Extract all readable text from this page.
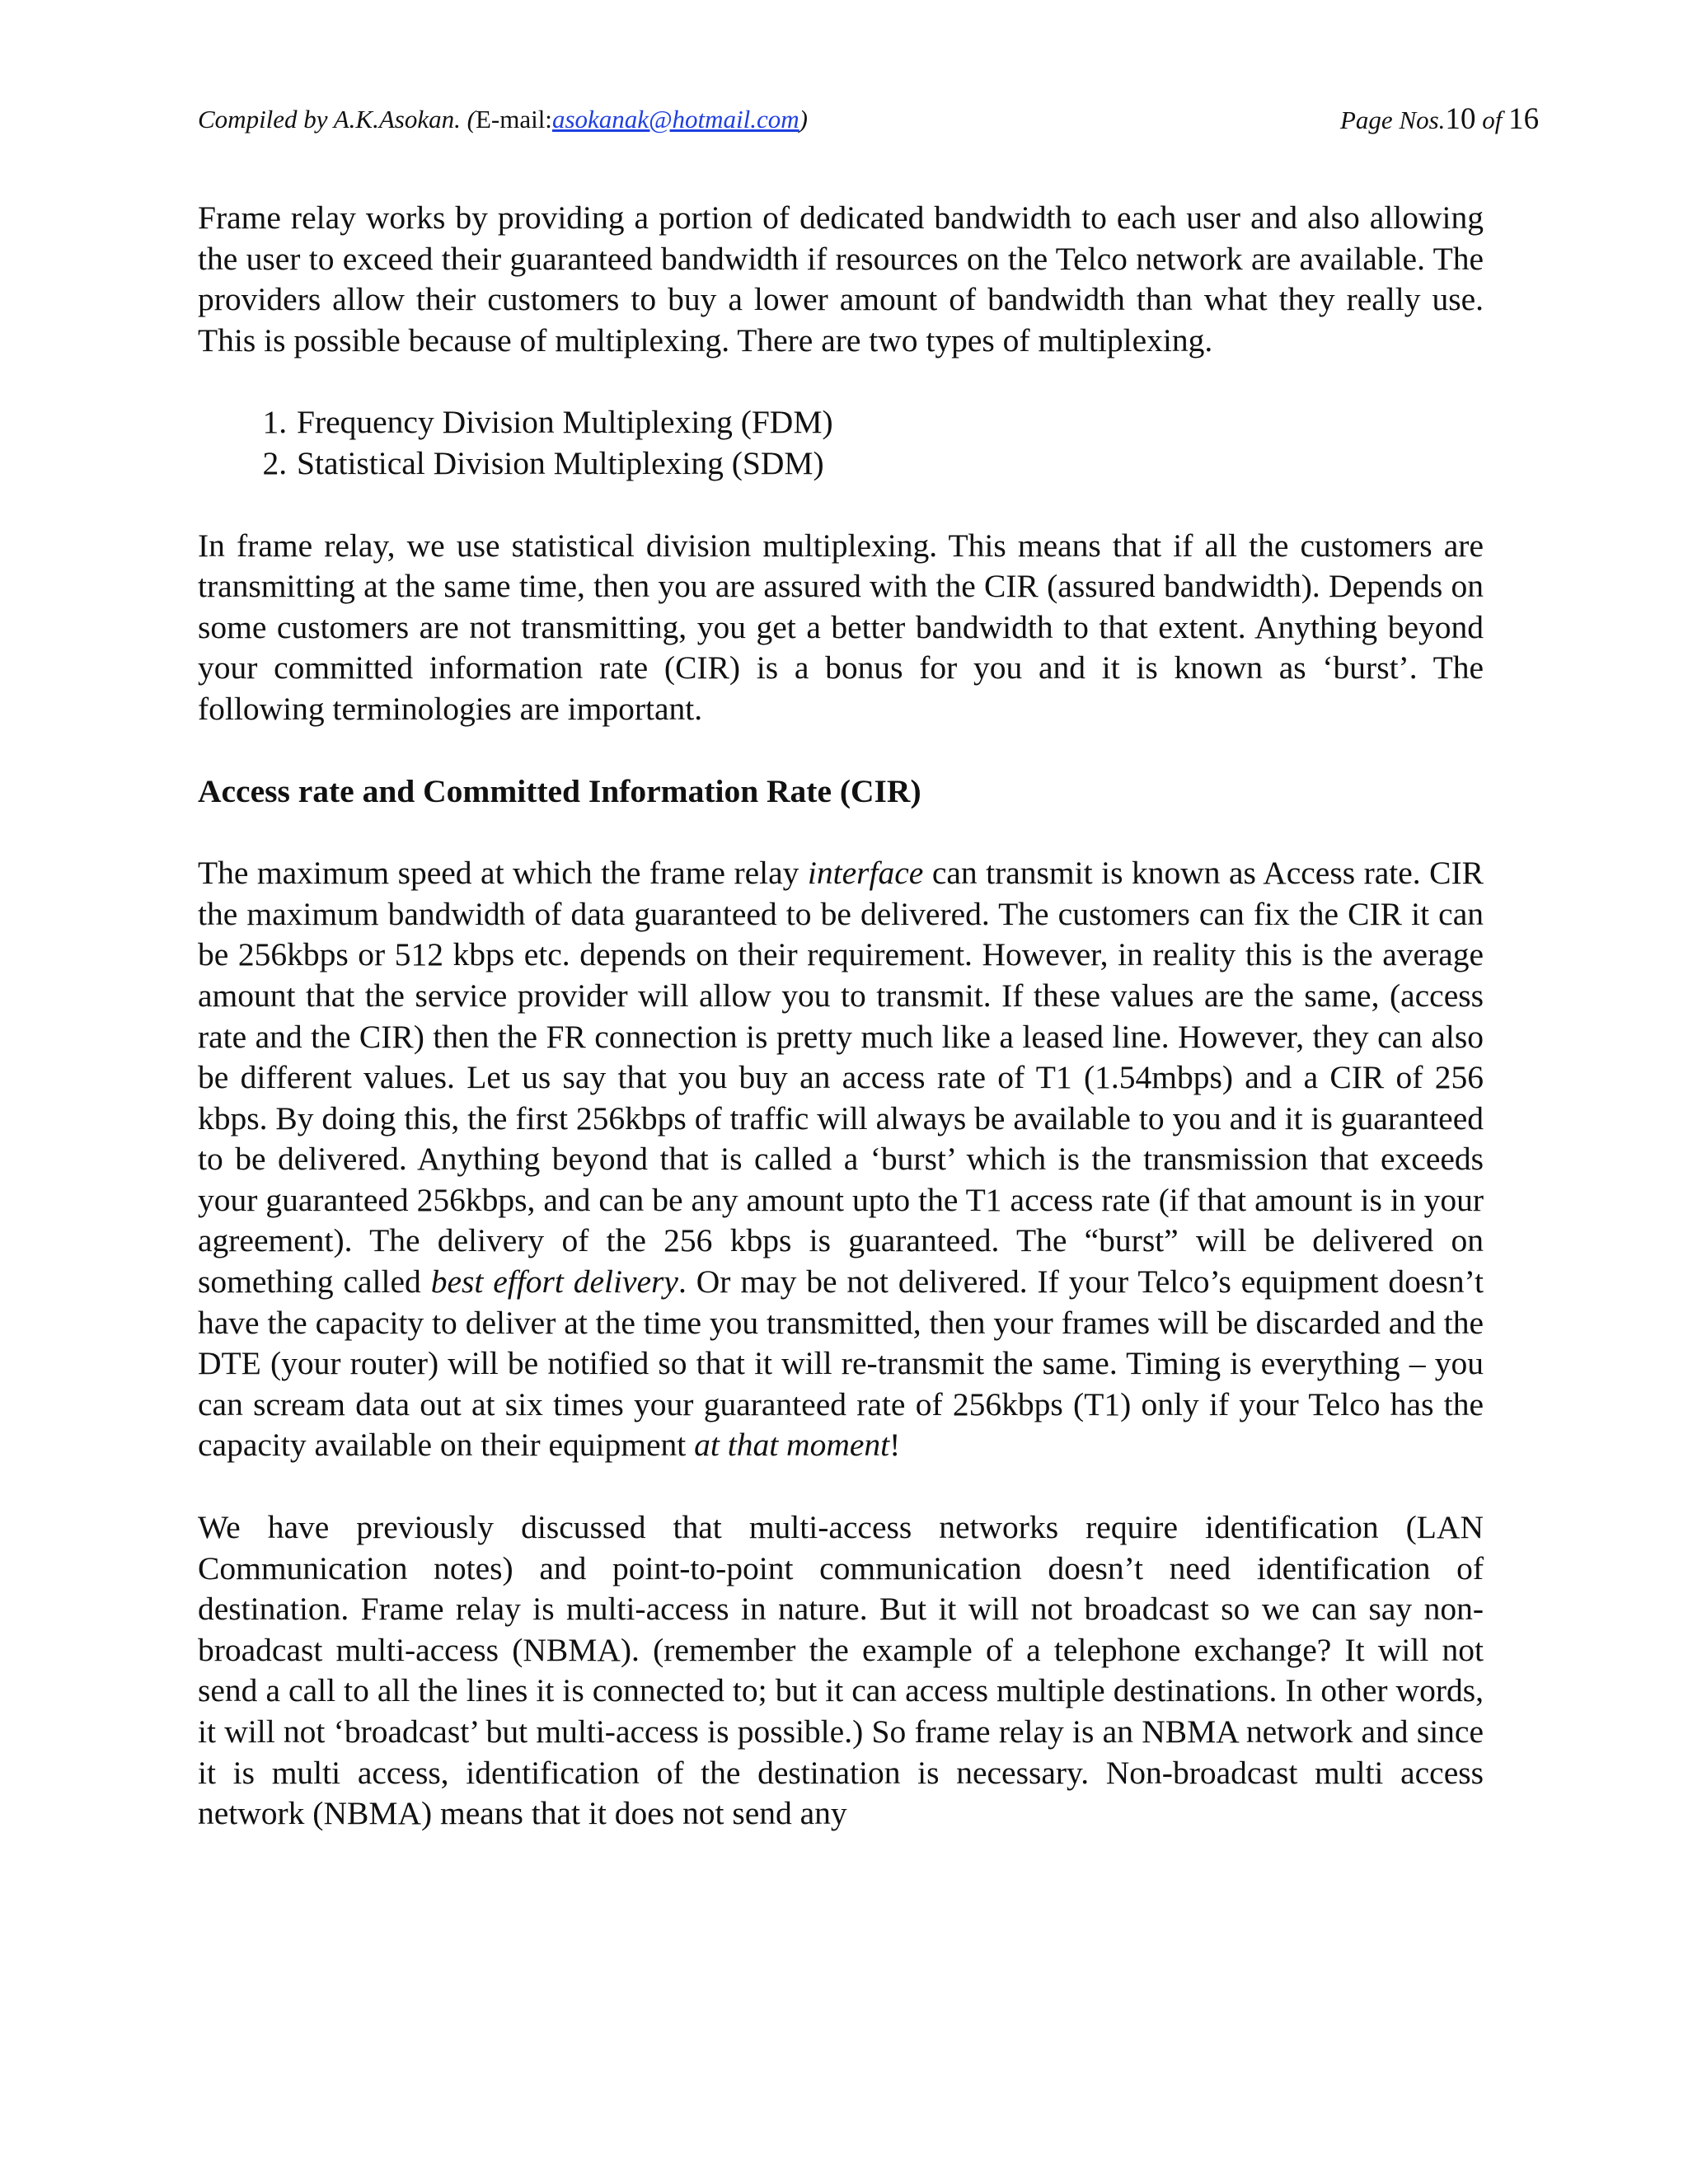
Compiled by A.K.Asokan. (E-mail:asokanak@hotmail.com)	Page Nos.10 of 16

Frame relay works by providing a portion of dedicated bandwidth to each user and also allowing the user to exceed their guaranteed bandwidth if resources on the Telco network are available. The providers allow their customers to buy a lower amount of bandwidth than what they really use. This is possible because of multiplexing. There are two types of multiplexing.

1. Frequency Division Multiplexing (FDM)
2. Statistical Division Multiplexing (SDM)

In frame relay, we use statistical division multiplexing. This means that if all the customers are transmitting at the same time, then you are assured with the CIR (assured bandwidth). Depends on some customers are not transmitting, you get a better bandwidth to that extent. Anything beyond your committed information rate (CIR) is a bonus for you and it is known as ‘burst’. The following terminologies are important.

Access rate and Committed Information Rate (CIR)

The maximum speed at which the frame relay interface can transmit is known as Access rate. CIR the maximum bandwidth of data guaranteed to be delivered. The customers can fix the CIR it can be 256kbps or 512 kbps etc. depends on their requirement. However, in reality this is the average amount that the service provider will allow you to transmit. If these values are the same, (access rate and the CIR) then the FR connection is pretty much like a leased line. However, they can also be different values. Let us say that you buy an access rate of T1 (1.54mbps) and a CIR of 256 kbps. By doing this, the first 256kbps of traffic will always be available to you and it is guaranteed to be delivered. Anything beyond that is called a ‘burst’ which is the transmission that exceeds your guaranteed 256kbps, and can be any amount upto the T1 access rate (if that amount is in your agreement). The delivery of the 256 kbps is guaranteed. The “burst” will be delivered on something called best effort delivery. Or may be not delivered. If your Telco’s equipment doesn’t have the capacity to deliver at the time you transmitted, then your frames will be discarded and the DTE (your router) will be notified so that it will re-transmit the same. Timing is everything – you can scream data out at six times your guaranteed rate of 256kbps (T1) only if your Telco has the capacity available on their equipment at that moment!

We have previously discussed that multi-access networks require identification (LAN Communication notes) and point-to-point communication doesn’t need identification of destination. Frame relay is multi-access in nature. But it will not broadcast so we can say non-broadcast multi-access (NBMA). (remember the example of a telephone exchange? It will not send a call to all the lines it is connected to; but it can access multiple destinations. In other words, it will not ‘broadcast’ but multi-access is possible.) So frame relay is an NBMA network and since it is multi access, identification of the destination is necessary. Non-broadcast multi access network (NBMA) means that it does not send any
